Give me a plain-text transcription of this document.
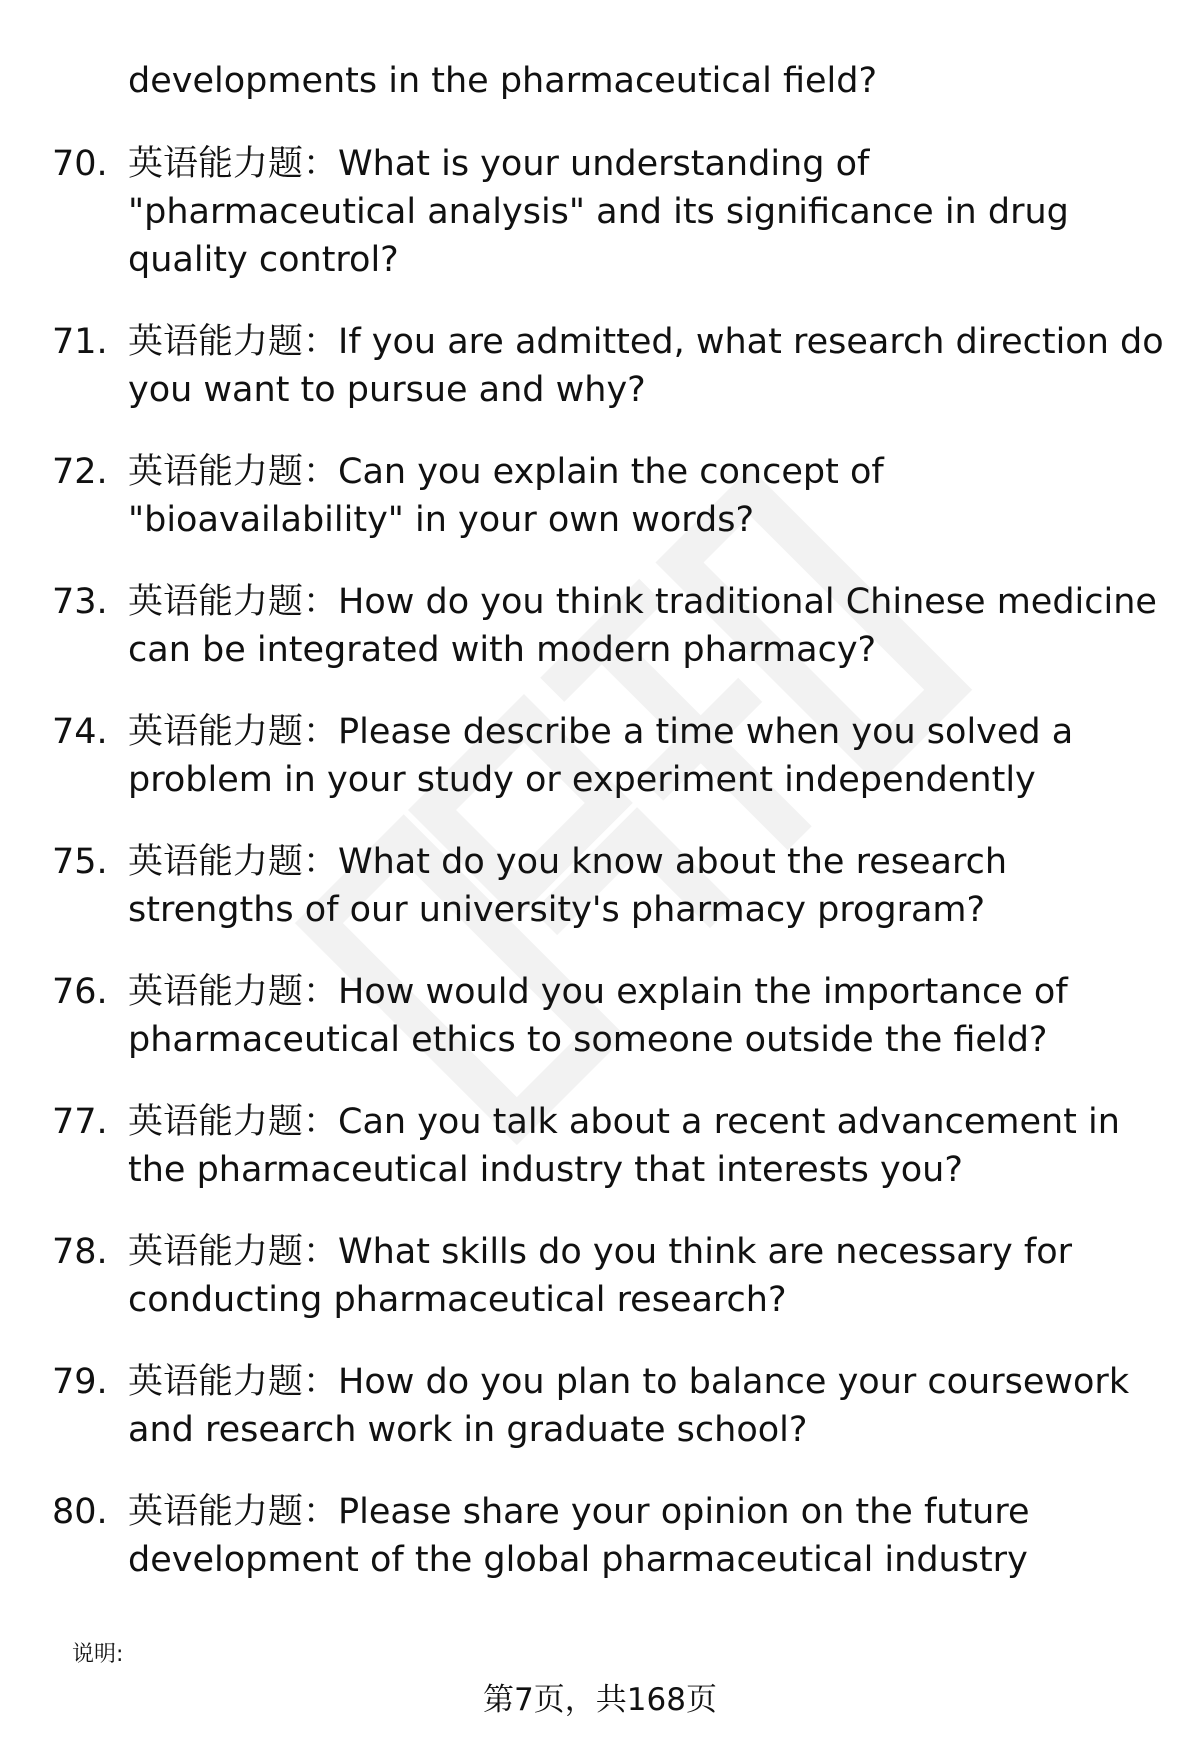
developments in the pharmaceutical field?
70. 英语能力题：What is your understanding of "pharmaceutical analysis" and its significance in drug quality control?
71. 英语能力题：If you are admitted, what research direction do you want to pursue and why?
72. 英语能力题：Can you explain the concept of "bioavailability" in your own words?
73. 英语能力题：How do you think traditional Chinese medicine can be integrated with modern pharmacy?
74. 英语能力题：Please describe a time when you solved a problem in your study or experiment independently
75. 英语能力题：What do you know about the research strengths of our university's pharmacy program?
76. 英语能力题：How would you explain the importance of pharmaceutical ethics to someone outside the field?
77. 英语能力题：Can you talk about a recent advancement in the pharmaceutical industry that interests you?
78. 英语能力题：What skills do you think are necessary for conducting pharmaceutical research?
79. 英语能力题：How do you plan to balance your coursework and research work in graduate school?
80. 英语能力题：Please share your opinion on the future development of the global pharmaceutical industry
说明:
第7页，共168页
